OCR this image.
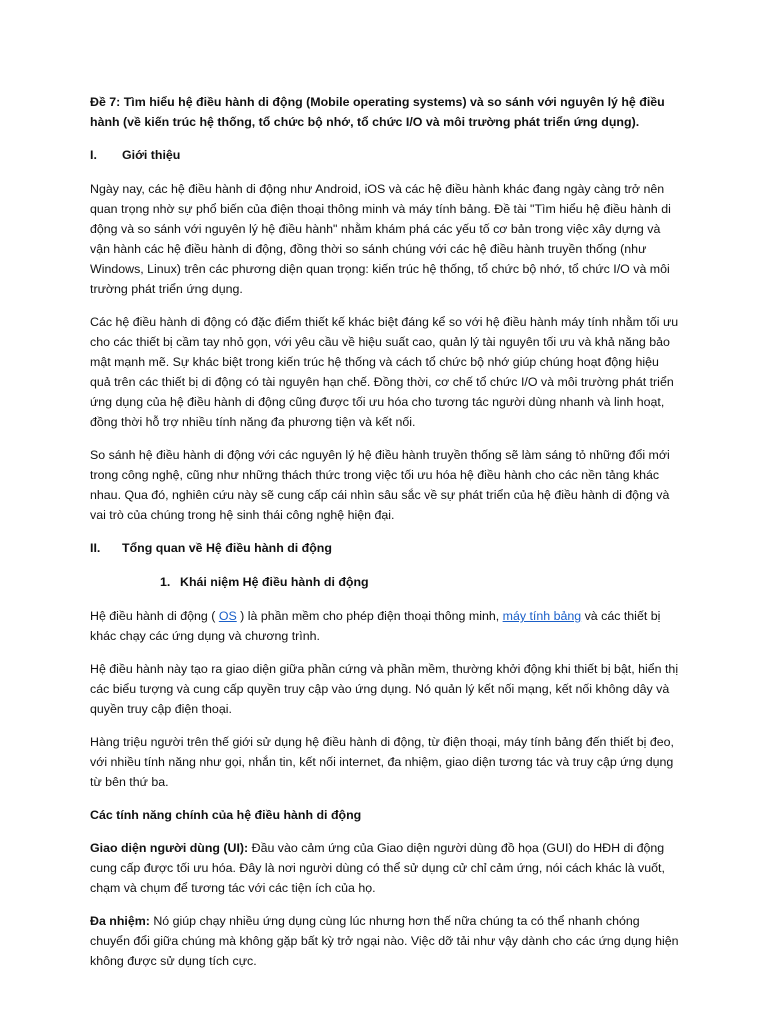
Đề 7: Tìm hiểu hệ điều hành di động (Mobile operating systems) và so sánh với nguyên lý hệ điều hành (về kiến trúc hệ thống, tổ chức bộ nhớ, tổ chức I/O và môi trường phát triển ứng dụng).
I.	Giới thiệu

Ngày nay, các hệ điều hành di động như Android, iOS và các hệ điều hành khác đang ngày càng trở nên quan trọng nhờ sự phổ biến của điện thoại thông minh và máy tính bảng. Đề tài "Tìm hiểu hệ điều hành di động và so sánh với nguyên lý hệ điều hành" nhằm khám phá các yếu tố cơ bản trong việc xây dựng và vận hành các hệ điều hành di động, đồng thời so sánh chúng với các hệ điều hành truyền thống (như Windows, Linux) trên các phương diện quan trọng: kiến trúc hệ thống, tổ chức bộ nhớ, tổ chức I/O và môi trường phát triển ứng dụng.

Các hệ điều hành di động có đặc điểm thiết kế khác biệt đáng kể so với hệ điều hành máy tính nhằm tối ưu cho các thiết bị cầm tay nhỏ gọn, với yêu cầu về hiệu suất cao, quản lý tài nguyên tối ưu và khả năng bảo mật mạnh mẽ. Sự khác biệt trong kiến trúc hệ thống và cách tổ chức bộ nhớ giúp chúng hoạt động hiệu quả trên các thiết bị di động có tài nguyên hạn chế. Đồng thời, cơ chế tổ chức I/O và môi trường phát triển ứng dụng của hệ điều hành di động cũng được tối ưu hóa cho tương tác người dùng nhanh và linh hoạt, đồng thời hỗ trợ nhiều tính năng đa phương tiện và kết nối.

So sánh hệ điều hành di động với các nguyên lý hệ điều hành truyền thống sẽ làm sáng tỏ những đổi mới trong công nghệ, cũng như những thách thức trong việc tối ưu hóa hệ điều hành cho các nền tảng khác nhau. Qua đó, nghiên cứu này sẽ cung cấp cái nhìn sâu sắc về sự phát triển của hệ điều hành di động và vai trò của chúng trong hệ sinh thái công nghệ hiện đại.

II.	Tổng quan về Hệ điều hành di động
1. Khái niệm Hệ điều hành di động

Hệ điều hành di động ( OS ) là phần mềm cho phép điện thoại thông minh, máy tính bảng và các thiết bị khác chạy các ứng dụng và chương trình.

Hệ điều hành này tạo ra giao diện giữa phần cứng và phần mềm, thường khởi động khi thiết bị bật, hiển thị các biểu tượng và cung cấp quyền truy cập vào ứng dụng. Nó quản lý kết nối mạng, kết nối không dây và quyền truy cập điện thoại.

Hàng triệu người trên thế giới sử dụng hệ điều hành di động, từ điện thoại, máy tính bảng đến thiết bị đeo, với nhiều tính năng như gọi, nhắn tin, kết nối internet, đa nhiệm, giao diện tương tác và truy cập ứng dụng từ bên thứ ba.

Các tính năng chính của hệ điều hành di động

Giao diện người dùng (UI): Đầu vào cảm ứng của Giao diện người dùng đồ họa (GUI) do HĐH di động cung cấp được tối ưu hóa. Đây là nơi người dùng có thể sử dụng cử chỉ cảm ứng, nói cách khác là vuốt, chạm và chụm để tương tác với các tiện ích của họ.

Đa nhiệm: Nó giúp chạy nhiều ứng dụng cùng lúc nhưng hơn thế nữa chúng ta có thể nhanh chóng chuyển đổi giữa chúng mà không gặp bất kỳ trở ngại nào. Việc dỡ tải như vậy dành cho các ứng dụng hiện không được sử dụng tích cực.
